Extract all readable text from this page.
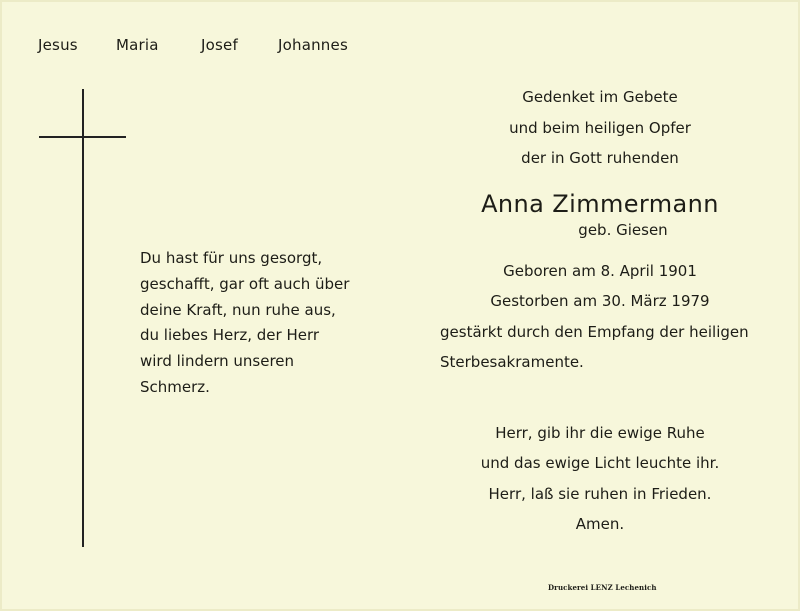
Jesus	Maria	Josef	Johannes
Du hast für uns gesorgt,
geschafft, gar oft auch über
deine Kraft, nun ruhe aus,
du liebes Herz, der Herr
wird lindern unseren
Schmerz.
Gedenket im Gebete
und beim heiligen Opfer
der in Gott ruhenden
Anna Zimmermann
geb. Giesen
Geboren am 8. April 1901
Gestorben am 30. März 1979
gestärkt durch den Empfang der heiligen
Sterbesakramente.
Herr, gib ihr die ewige Ruhe
und das ewige Licht leuchte ihr.
Herr, laß sie ruhen in Frieden.
Amen.
Druckerei LENZ Lechenich
